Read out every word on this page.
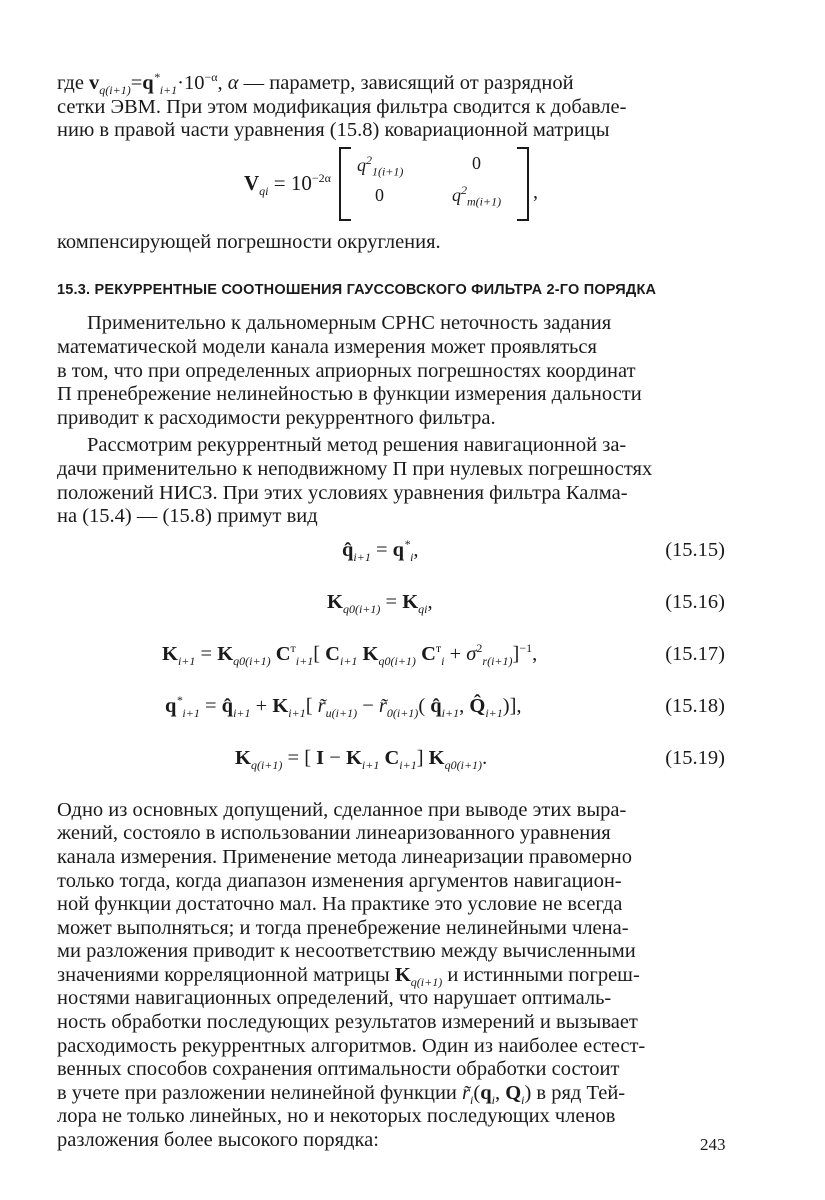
где $v_{q(i+1)}=q^*_{i+1}\cdot 10^{-\alpha}$, α — параметр, зависящий от разрядной

сетки ЭВМ. При этом модификация фильтра сводится к добавле-

нию в правой части уравнения (15.8) ковариационной матрицы

$V_{qi} = 10^{-2\alpha}$
$q^2_{1(i+1)}$	0
0	$q^2_{m(i+1)}$ ,

компенсирующей погрешности округления.

15.3. РЕКУРРЕНТНЫЕ СООТНОШЕНИЯ ГАУССОВСКОГО ФИЛЬТРА 2-ГО ПОРЯДКА

Применительно к дальномерным СРНС неточность задания

математической модели канала измерения может проявляться

в том, что при определенных априорных погрешностях координат

П пренебрежение нелинейностью в функции измерения дальности

приводит к расходимости рекуррентного фильтра.

Рассмотрим рекуррентный метод решения навигационной за-

дачи применительно к неподвижному П при нулевых погрешностях

положений НИСЗ. При этих условиях уравнения фильтра Калма-

на (15.4) — (15.8) примут вид

$q̂_{i+1} = q^*_i$,	(15.15)
$K_{q0(i+1)} = K_{qi}$,	(15.16)
$K_{i+1} = K_{q0(i+1)}$ $C^т_{i+1}$[ $C_{i+1}$ $K_{q0(i+1)}$ $C^т_i + \sigma^2_{r(i+1)}]^{-1}$,	(15.17)
$q^*_{i+1}$ = $q̂_{i+1} + K_{i+1}$[ $r̃_{и(i+1)}$ − $r̃_{0(i+1)}$( $q̂_{i+1}$, $Q̂_{i+1}$)],	(15.18)
$K_{q(i+1)}$ = [ $I - K_{i+1}$ $C_{i+1}$] $K_{q0(i+1)}$.	(15.19)

Одно из основных допущений, сделанное при выводе этих выра-

жений, состояло в использовании линеаризованного уравнения

канала измерения. Применение метода линеаризации правомерно

только тогда, когда диапазон изменения аргументов навигацион-

ной функции достаточно мал. На практике это условие не всегда

может выполняться; и тогда пренебрежение нелинейными члена-

ми разложения приводит к несоответствию между вычисленными

значениями корреляционной матрицы $K_{q(i+1)}$ и истинными погреш-

ностями навигационных определений, что нарушает оптималь-

ность обработки последующих результатов измерений и вызывает

расходимость рекуррентных алгоритмов. Один из наиболее естест-

венных способов сохранения оптимальности обработки состоит

в учете при разложении нелинейной функции $r̃_i(q_i$, $Q_i$) в ряд Тей-

лора не только линейных, но и некоторых последующих членов

разложения более высокого порядка:	243
